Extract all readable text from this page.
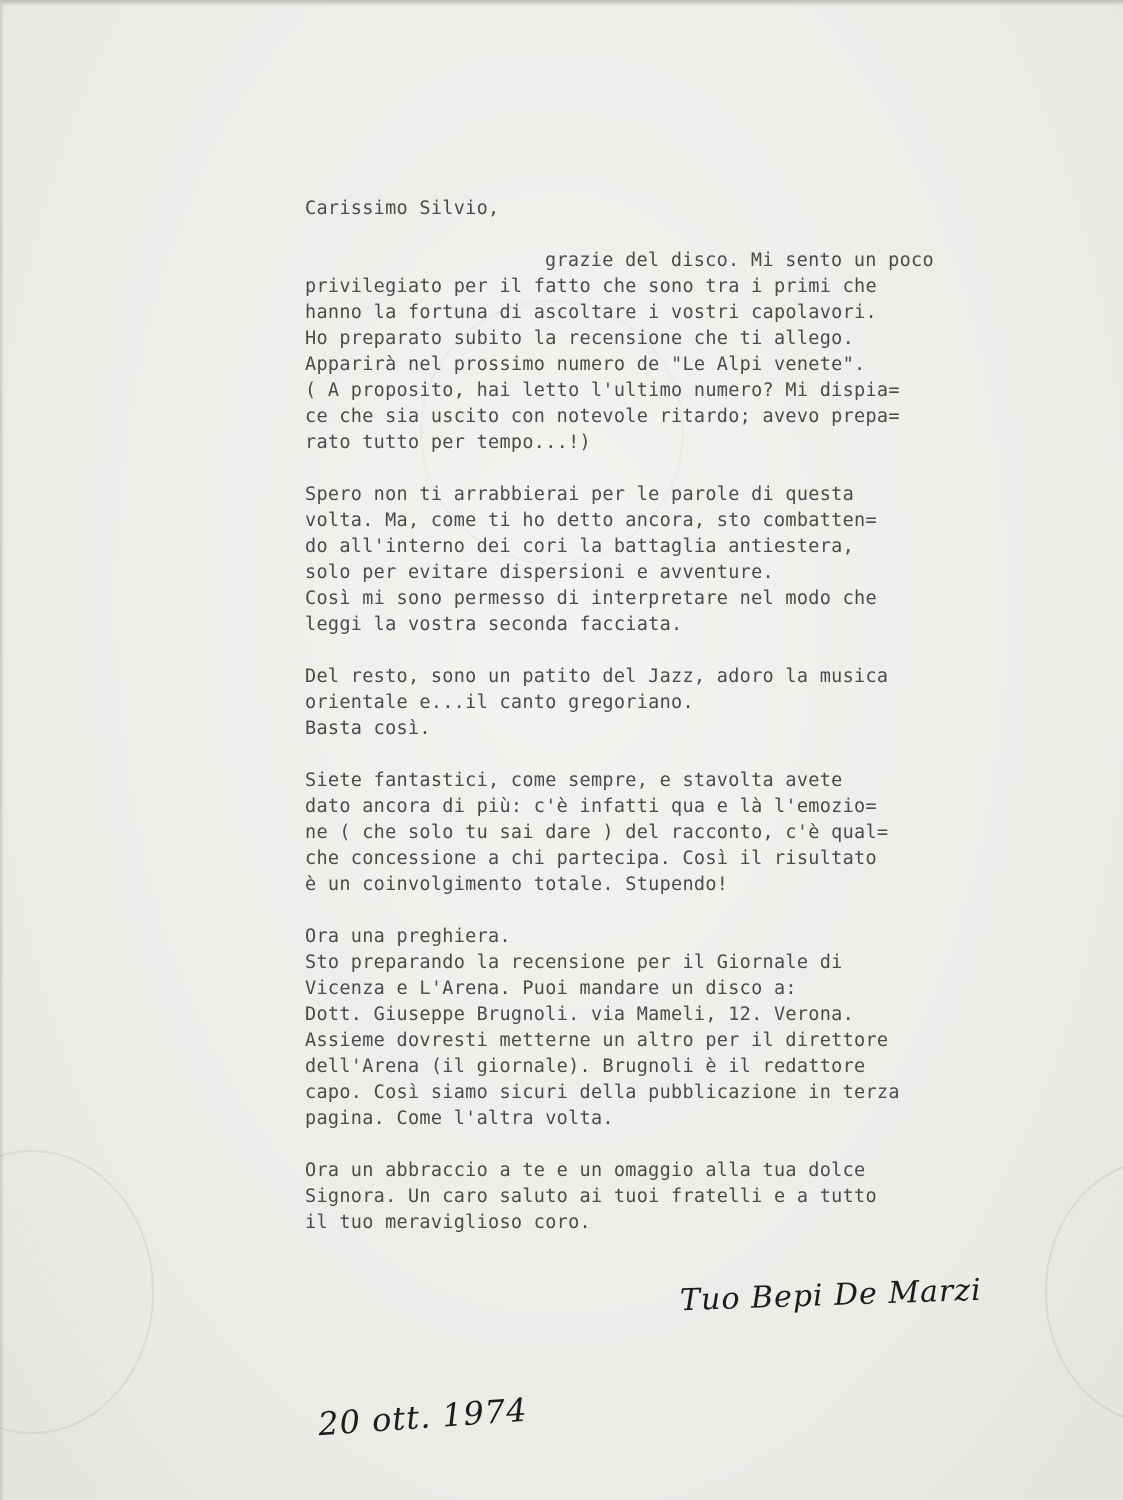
Carissimo Silvio,
grazie del disco. Mi sento un poco
privilegiato per il fatto che sono tra i primi che
hanno la fortuna di ascoltare i vostri capolavori.
Ho preparato subito la recensione che ti allego.
Apparirà nel prossimo numero de "Le Alpi venete".
( A proposito, hai letto l'ultimo numero? Mi dispia=
ce che sia uscito con notevole ritardo; avevo prepa=
rato tutto per tempo...!)
Spero non ti arrabbierai per le parole di questa
volta. Ma, come ti ho detto ancora, sto combatten=
do all'interno dei cori la battaglia antiestera,
solo per evitare dispersioni e avventure.
Così mi sono permesso di interpretare nel modo che
leggi la vostra seconda facciata.
Del resto, sono un patito del Jazz, adoro la musica
orientale e...il canto gregoriano.
Basta così.
Siete fantastici, come sempre, e stavolta avete
dato ancora di più: c'è infatti qua e là l'emozio=
ne ( che solo tu sai dare ) del racconto, c'è qual=
che concessione a chi partecipa. Così il risultato
è un coinvolgimento totale. Stupendo!
Ora una preghiera.
Sto preparando la recensione per il Giornale di
Vicenza e L'Arena. Puoi mandare un disco a:
Dott. Giuseppe Brugnoli. via Mameli, 12. Verona.
Assieme dovresti metterne un altro per il direttore
dell'Arena (il giornale). Brugnoli è il redattore
capo. Così siamo sicuri della pubblicazione in terza
pagina. Come l'altra volta.
Ora un abbraccio a te e un omaggio alla tua dolce
Signora. Un caro saluto ai tuoi fratelli e a tutto
il tuo meraviglioso coro.
Tuo Bepi De Marzi
20 ott. 1974
